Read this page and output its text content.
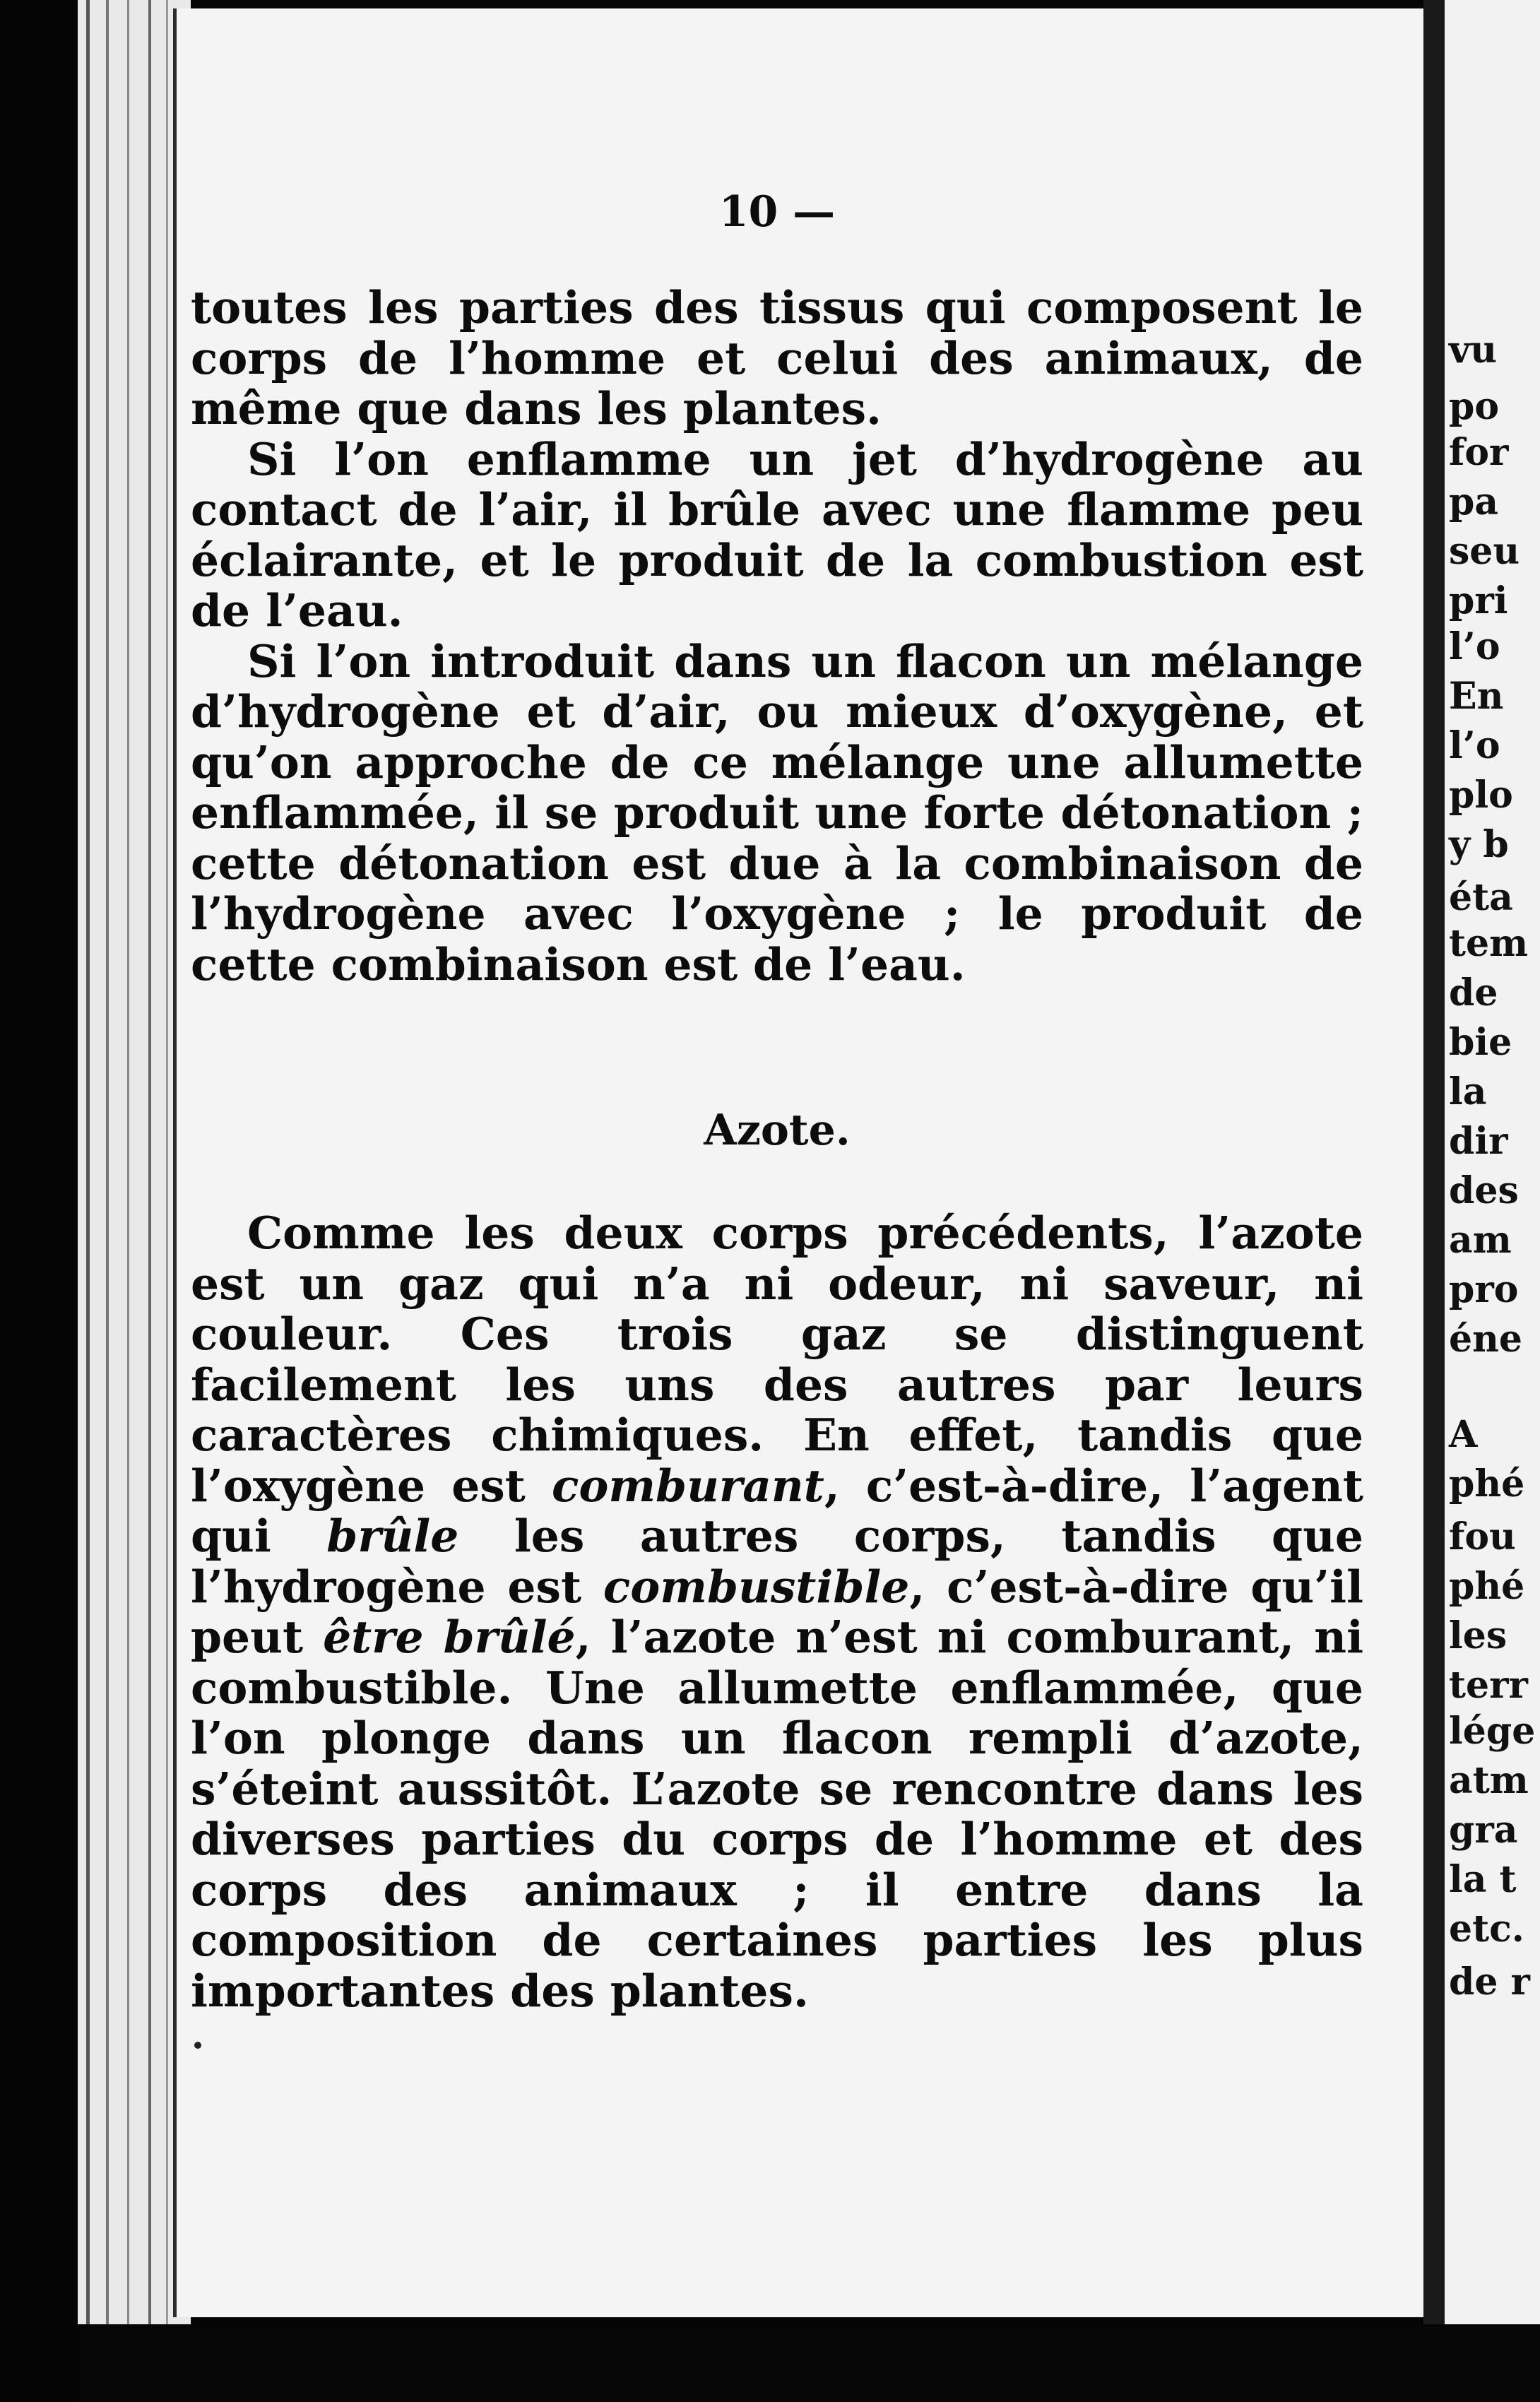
vu
po
for
pa
seu
pri
l’o
En
l’o
plo
y b
éta
tem
de
bie
la
dir
des
am
pro
éne
A
phé
fou
phé
les
terr
lége
atm
gra
la t
etc.
de r
10 —

toutes les parties des tissus qui composent le corps de l’homme et celui des animaux, de même que dans les plantes.

Si l’on enflamme un jet d’hydrogène au contact de l’air, il brûle avec une flamme peu éclairante, et le produit de la combustion est de l’eau.

Si l’on introduit dans un flacon un mélange d’hydrogène et d’air, ou mieux d’oxygène, et qu’on approche de ce mélange une allumette enflammée, il se produit une forte détonation ; cette détonation est due à la combinaison de l’hydrogène avec l’oxygène ; le produit de cette combinaison est de l’eau.

Azote.

Comme les deux corps précédents, l’azote est un gaz qui n’a ni odeur, ni saveur, ni couleur. Ces trois gaz se distinguent facilement les uns des autres par leurs caractères chimiques. En effet, tandis que l’oxygène est comburant, c’est-à-dire, l’agent qui brûle les autres corps, tandis que l’hydrogène est combustible, c’est-à-dire qu’il peut être brûlé, l’azote n’est ni comburant, ni combustible. Une allumette enflammée, que l’on plonge dans un flacon rempli d’azote, s’éteint aussitôt. L’azote se rencontre dans les diverses parties du corps de l’homme et des corps des animaux ; il entre dans la composition de certaines parties les plus importantes des plantes.
